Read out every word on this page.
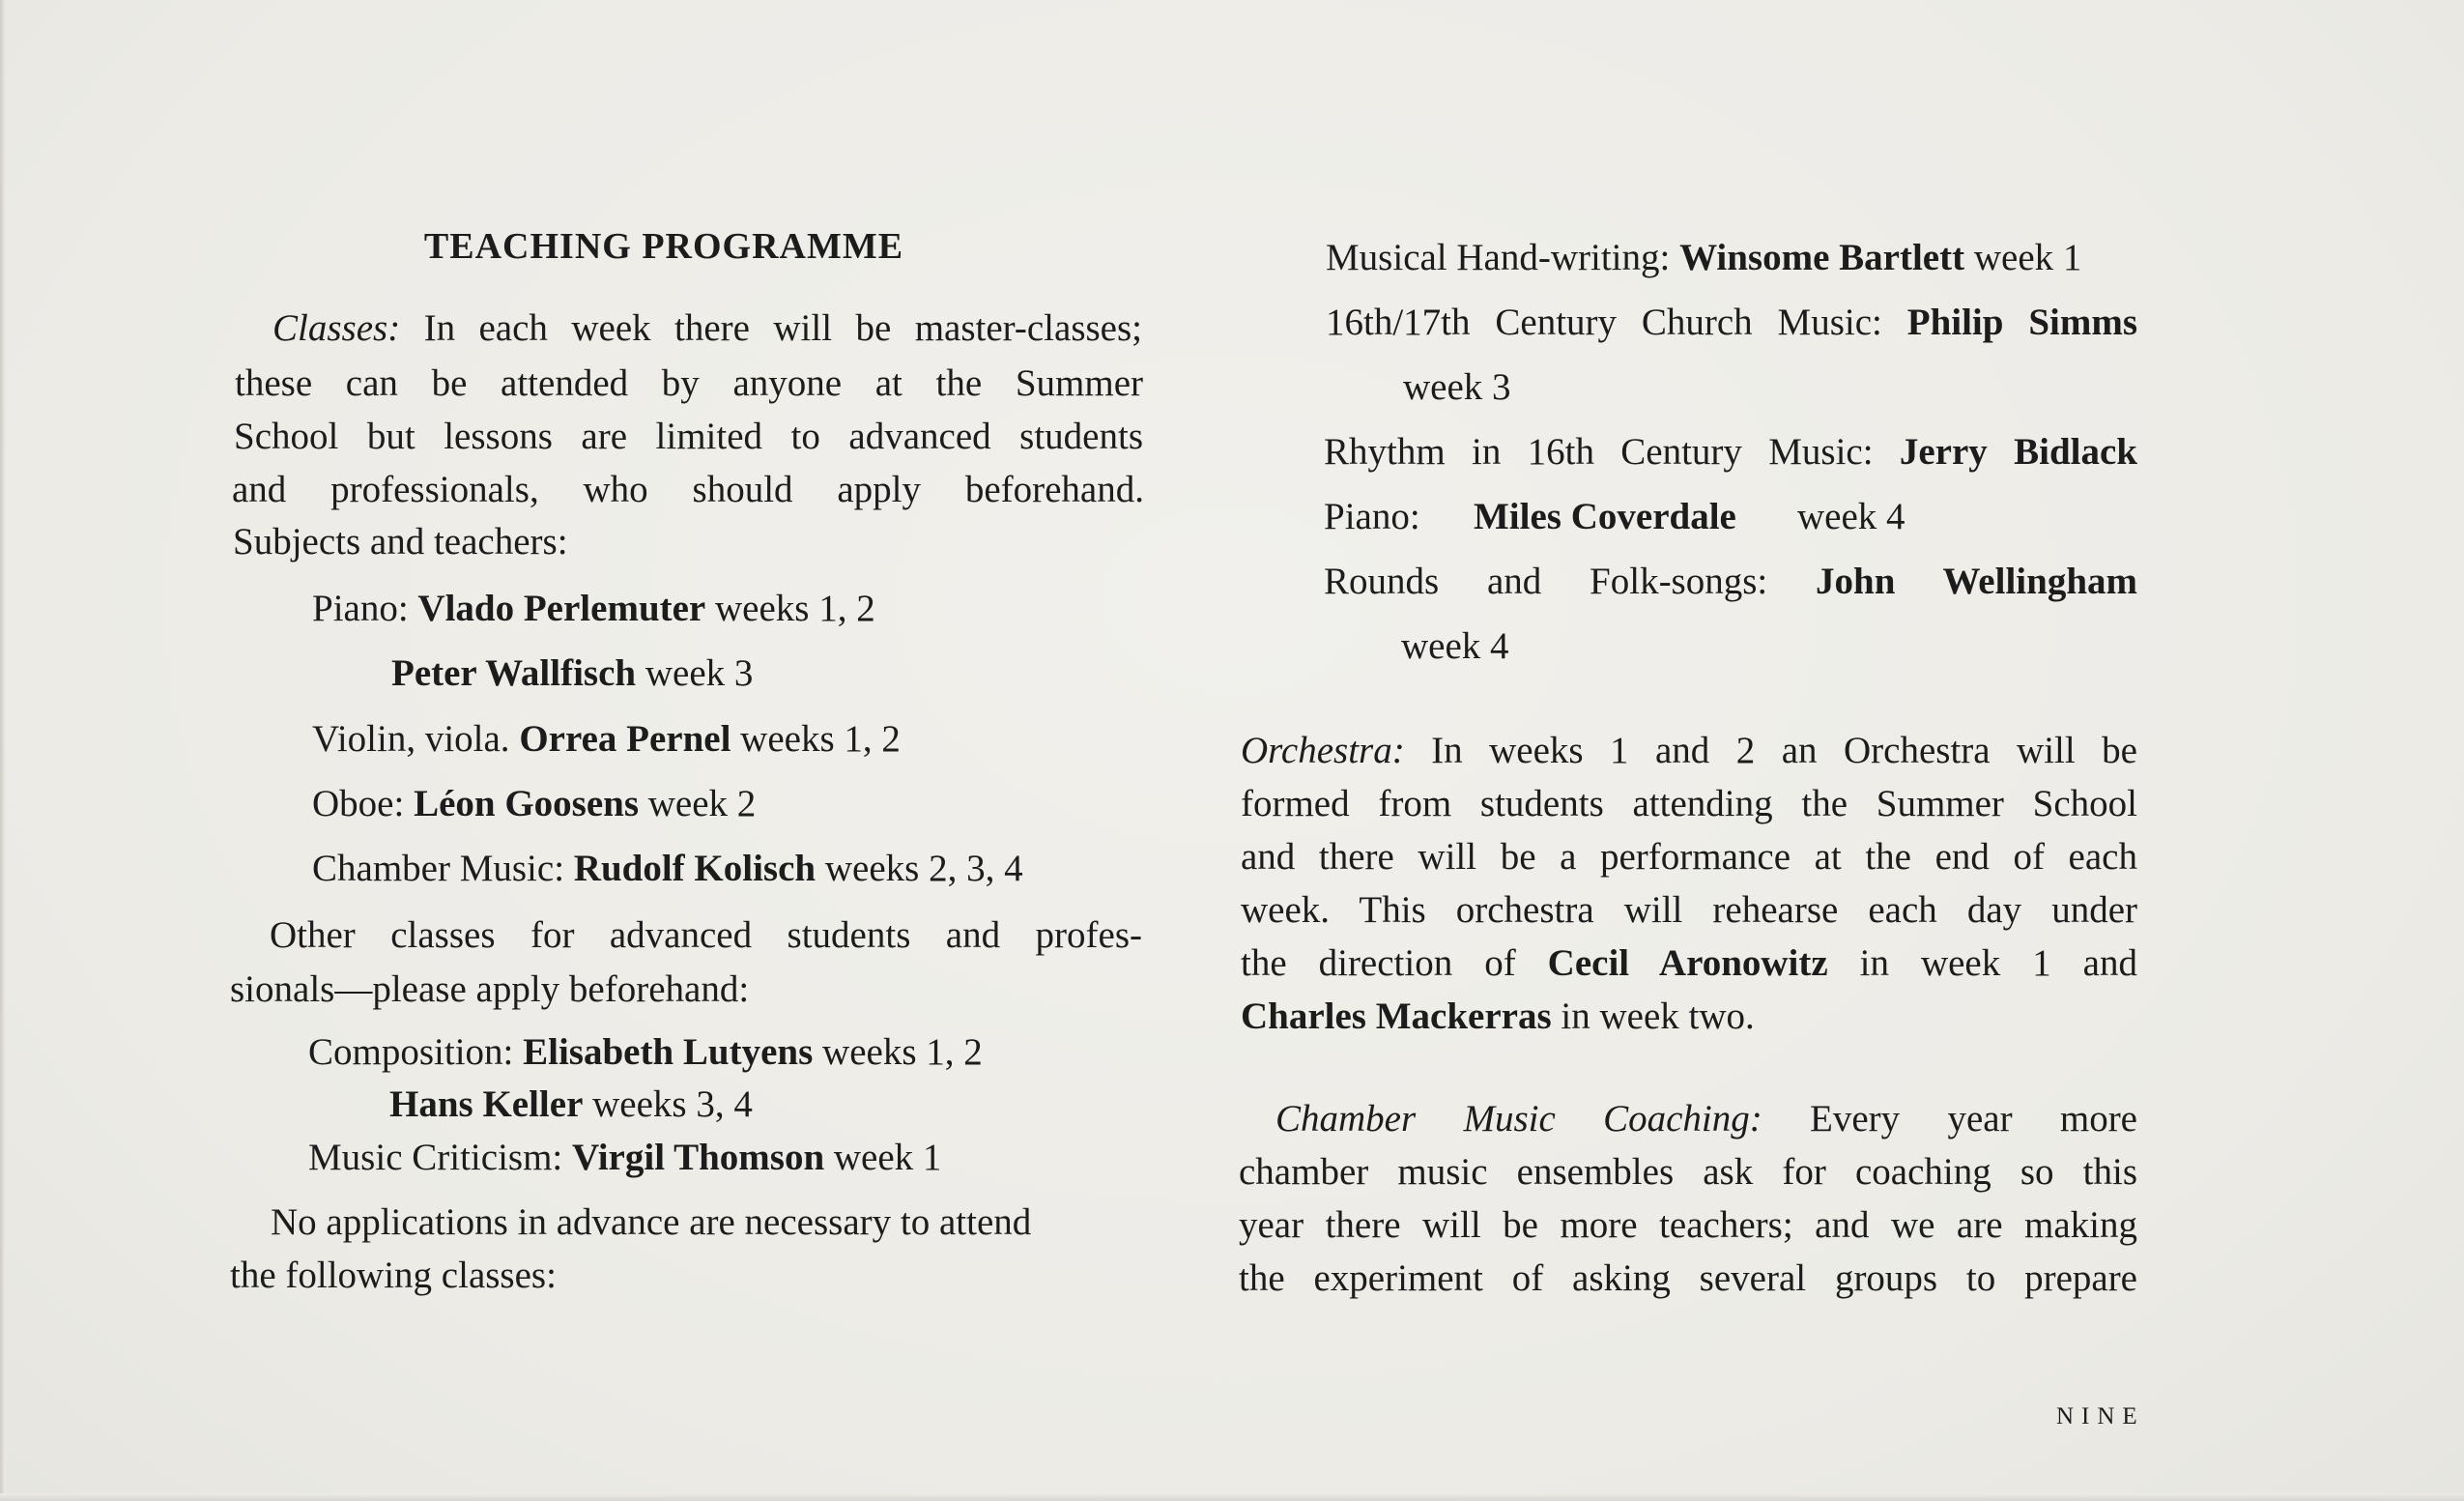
TEACHING PROGRAMME
Classes: In each week there will be master-classes;
these can be attended by anyone at the Summer
School but lessons are limited to advanced students
and professionals, who should apply beforehand.
Subjects and teachers:
Piano: Vlado Perlemuter weeks 1, 2
Peter Wallfisch week 3
Violin, viola. Orrea Pernel weeks 1, 2
Oboe: Léon Goosens week 2
Chamber Music: Rudolf Kolisch weeks 2, 3, 4
Other classes for advanced students and profes-
sionals—please apply beforehand:
Composition: Elisabeth Lutyens weeks 1, 2
Hans Keller weeks 3, 4
Music Criticism: Virgil Thomson week 1
No applications in advance are necessary to attend
the following classes:
Musical Hand-writing: Winsome Bartlett week 1
16th/17th Century Church Music: Philip Simms
week 3
Rhythm in 16th Century Music: Jerry Bidlack
Piano: Miles Coverdale week 4
Rounds and Folk-songs: John Wellingham
week 4
Orchestra: In weeks 1 and 2 an Orchestra will be
formed from students attending the Summer School
and there will be a performance at the end of each
week. This orchestra will rehearse each day under
the direction of Cecil Aronowitz in week 1 and
Charles Mackerras in week two.
Chamber Music Coaching: Every year more
chamber music ensembles ask for coaching so this
year there will be more teachers; and we are making
the experiment of asking several groups to prepare
NINE
